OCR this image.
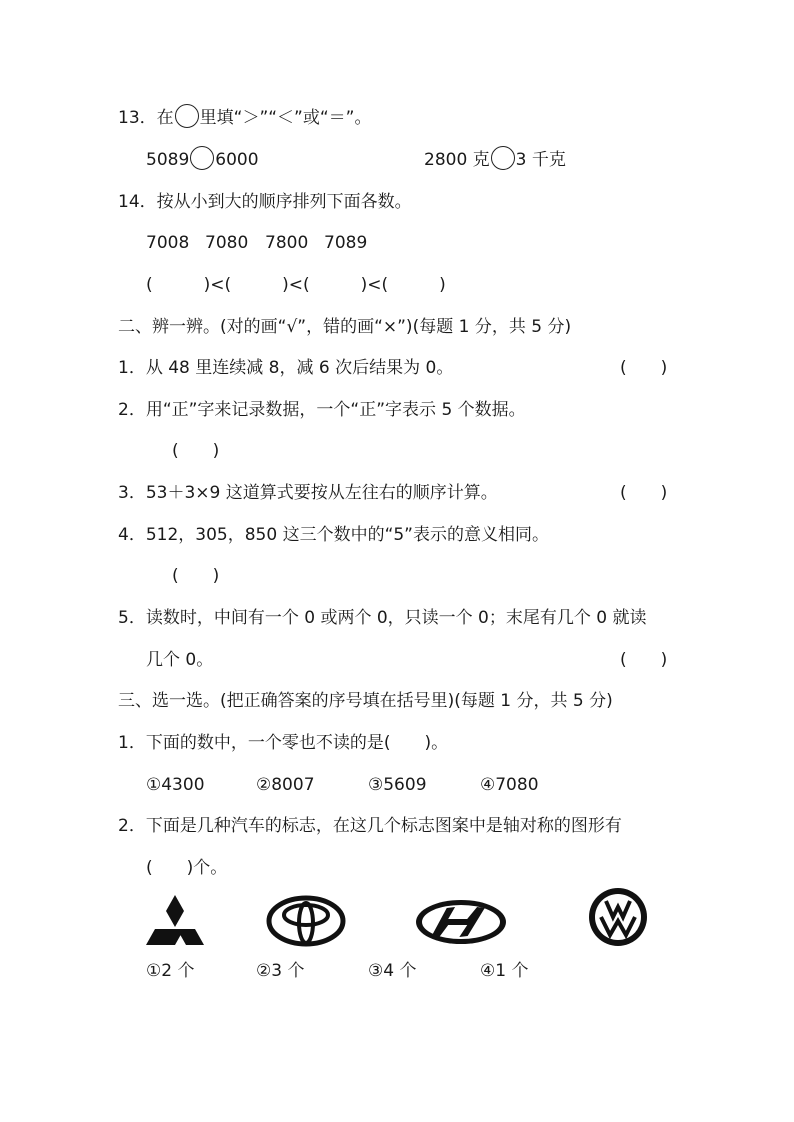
13．在 里填“＞”“＜”或“＝”。
5089 6000	2800 克 3 千克
14．按从小到大的顺序排列下面各数。
7008 7080 7800 7089
(　　　)<(　　　)<(　　　)<(　　　)
二、辨一辨。(对的画“√”，错的画“×”)(每题 1 分，共 5 分)
1．从 48 里连续减 8，减 6 次后结果为 0。	(　　)
2．用“正”字来记录数据，一个“正”字表示 5 个数据。
(　　)
3．53＋3×9 这道算式要按从左往右的顺序计算。	(　　)
4．512，305，850 这三个数中的“5”表示的意义相同。
(　　)
5．读数时，中间有一个 0 或两个 0，只读一个 0；末尾有几个 0 就读
几个 0。	(　　)
三、选一选。(把正确答案的序号填在括号里)(每题 1 分，共 5 分)
1．下面的数中，一个零也不读的是(　　)。
①4300	②8007	③5609	④7080
2．下面是几种汽车的标志，在这几个标志图案中是轴对称的图形有
(　　)个。
①2 个	②3 个	③4 个	④1 个
